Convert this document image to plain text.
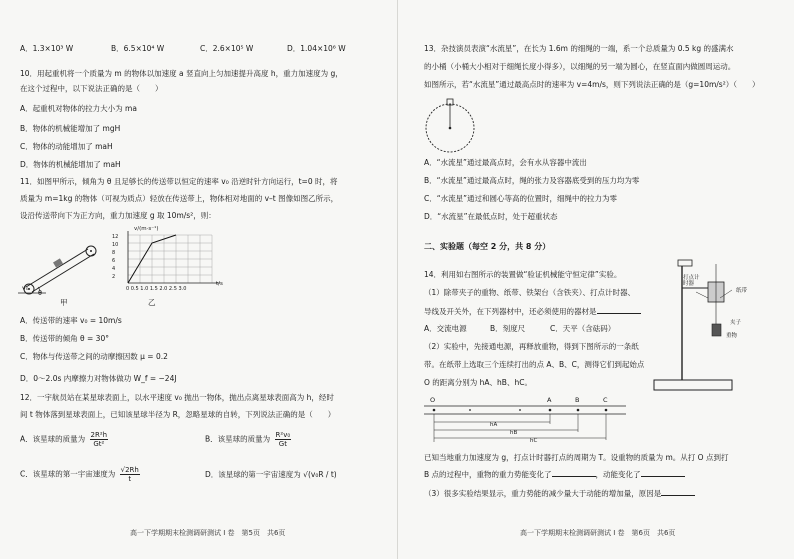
A．1.3×10³ W	B．6.5×10⁴ W	C．2.6×10⁵ W	D．1.04×10⁶ W
10．用起重机将一个质量为 m 的物体以加速度 a 竖直向上匀加速提升高度 h，重力加速度为 g，
在这个过程中，以下说法正确的是（　　）
A．起重机对物体的拉力大小为 ma
B．物体的机械能增加了 mgH
C．物体的动能增加了 maH
D．物体的机械能增加了 maH
11．如图甲所示，倾角为 θ 且足够长的传送带以恒定的速率 v₀ 沿逆时针方向运行，t=0 时，将
质量为 m=1kg 的物体（可视为质点）轻放在传送带上，物体相对地面的 v–t 图像如图乙所示，
设沿传送带向下为正方向，重力加速度 g 取 10m/s²，则：
θ
v₀
甲
v/(m·s⁻¹)
12
10
8
6
4
2
0 0.5 1.0 1.5 2.0 2.5 3.0
t/s
乙
A．传送带的速率 v₀ = 10m/s
B．传送带的倾角 θ = 30°
C．物体与传送带之间的动摩擦因数 μ = 0.2
D．0～2.0s 内摩擦力对物体做功 W_f = −24J
12．一宇航员站在某星球表面上，以水平速度 v₀ 抛出一物体，抛出点离星球表面高为 h，经时
间 t 物体落到星球表面上，已知该星球半径为 R，忽略星球的自转，下列说法正确的是（　　）
A．该星球的质量为 $\frac{\text{2R²h}}{\text{Gt²}}$	B．该星球的质量为 $\frac{\text{R²v₀}}{Gt}$
C．该星球的第一宇宙速度为 $\frac{√2Rh}{t}$	D．该星球的第一宇宙速度为 √(v₀R / t)
高一下学期期末检测调研测试 Ⅰ 卷　第5页　共6页
13．杂技演员表演“水流星”，在长为 1.6m 的细绳的一端，系一个总质量为 0.5 kg 的盛满水
的小桶（小桶大小相对于细绳长度小得多），以细绳的另一端为圆心，在竖直面内做圆周运动。
如图所示，若“水流星”通过最高点时的速率为 v=4m/s，则下列说法正确的是（g=10m/s²）（　　）
A．“水流星”通过最高点时，会有水从容器中流出
B．“水流星”通过最高点时，绳的张力及容器底受到的压力均为零
C．“水流星”通过和圆心等高的位置时，细绳中的拉力为零
D．“水流星”在最低点时，处于超重状态
二、实验题（每空 2 分，共 8 分）
14．利用如右图所示的装置做“验证机械能守恒定律”实验。
（1）除带夹子的重物、纸带、铁架台（含铁夹）、打点计时器、
导线及开关外，在下列器材中，还必须使用的器材是
A．交流电源	B．刻度尺	C．天平（含砝码）
（2）实验中，先接通电源，再释放重物，得到下图所示的一条纸
带。在纸带上选取三个连续打出的点 A、B、C，测得它们到起始点
O 的距离分别为 hA、hB、hC。
打点计时器
纸带
夹子
重物
O	A	B	C
hA
hB
hC
已知当地重力加速度为 g，打点计时器打点的周期为 T。设重物的质量为 m。从打 O 点到打
B 点的过程中，重物的重力势能变化了	，动能变化了
（3）很多实验结果显示，重力势能的减少量大于动能的增加量，原因是
高一下学期期末检测调研测试 Ⅰ 卷　第6页　共6页
